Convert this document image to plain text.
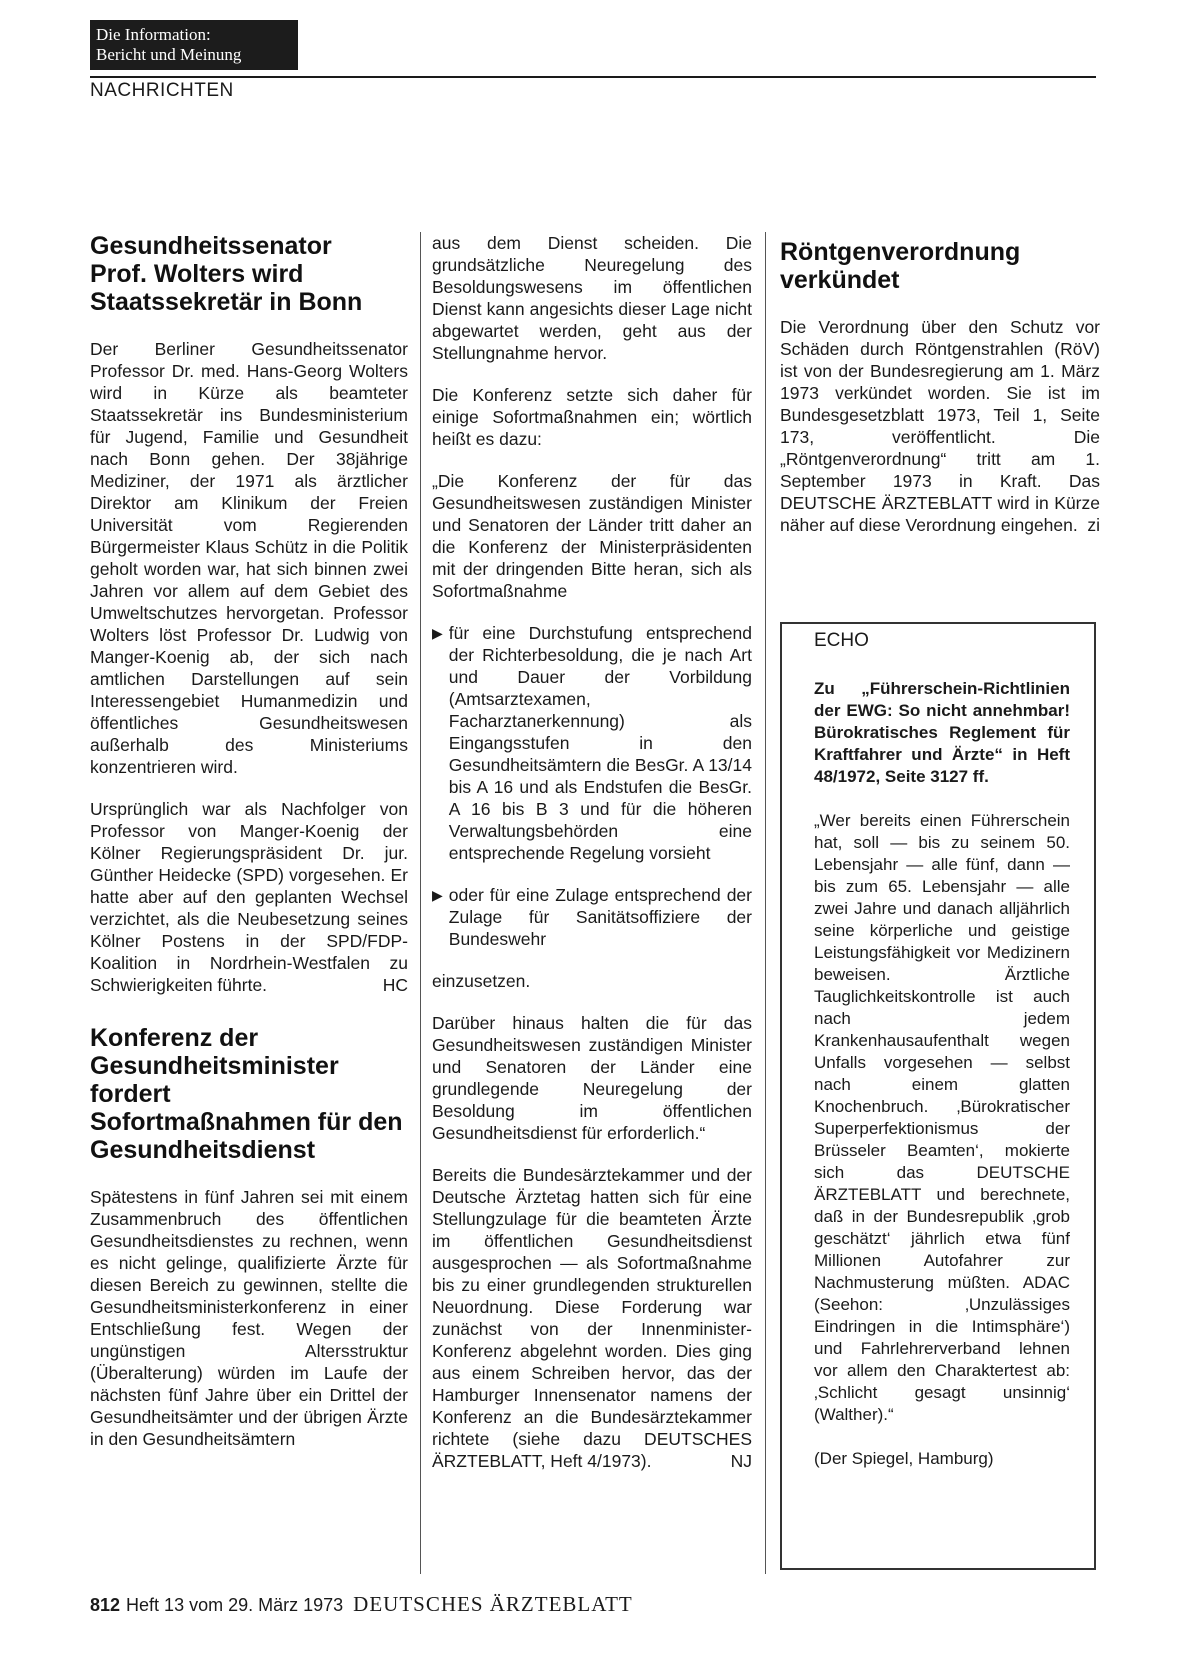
Die Information:
Bericht und Meinung
NACHRICHTEN
Gesundheitssenator
Prof. Wolters wird
Staatssekretär in Bonn

Der Berliner Gesundheitssenator Professor Dr. med. Hans-Georg Wolters wird in Kürze als beamteter Staatssekretär ins Bundesministerium für Jugend, Familie und Gesundheit nach Bonn gehen. Der 38jährige Mediziner, der 1971 als ärztlicher Direktor am Klinikum der Freien Universität vom Regierenden Bürgermeister Klaus Schütz in die Politik geholt worden war, hat sich binnen zwei Jahren vor allem auf dem Gebiet des Umweltschutzes hervorgetan. Professor Wolters löst Professor Dr. Ludwig von Manger-Koenig ab, der sich nach amtlichen Darstellungen auf sein Interessengebiet Humanmedizin und öffentliches Gesundheitswesen außerhalb des Ministeriums konzentrieren wird.

Ursprünglich war als Nachfolger von Professor von Manger-Koenig der Kölner Regierungspräsident Dr. jur. Günther Heidecke (SPD) vorgesehen. Er hatte aber auf den geplanten Wechsel verzichtet, als die Neubesetzung seines Kölner Postens in der SPD/FDP-Koalition in Nordrhein-Westfalen zu Schwierigkeiten führte.	HC

Konferenz der
Gesundheitsminister
fordert
Sofortmaßnahmen für den
Gesundheitsdienst

Spätestens in fünf Jahren sei mit einem Zusammenbruch des öffentlichen Gesundheitsdienstes zu rechnen, wenn es nicht gelinge, qualifizierte Ärzte für diesen Bereich zu gewinnen, stellte die Gesundheitsministerkonferenz in einer Entschließung fest. Wegen der ungünstigen Altersstruktur (Überalterung) würden im Laufe der nächsten fünf Jahre über ein Drittel der Gesundheitsämter und der übrigen Ärzte in den Gesundheitsämtern

aus dem Dienst scheiden. Die grundsätzliche Neuregelung des Besoldungswesens im öffentlichen Dienst kann angesichts dieser Lage nicht abgewartet werden, geht aus der Stellungnahme hervor.

Die Konferenz setzte sich daher für einige Sofortmaßnahmen ein; wörtlich heißt es dazu:

„Die Konferenz der für das Gesundheitswesen zuständigen Minister und Senatoren der Länder tritt daher an die Konferenz der Ministerpräsidenten mit der dringenden Bitte heran, sich als Sofortmaßnahme

▶ für eine Durchstufung entsprechend der Richterbesoldung, die je nach Art und Dauer der Vorbildung (Amtsarztexamen, Facharztanerkennung) als Eingangsstufen in den Gesundheitsämtern die BesGr. A 13/14 bis A 16 und als Endstufen die BesGr. A 16 bis B 3 und für die höheren Verwaltungsbehörden eine entsprechende Regelung vorsieht
▶ oder für eine Zulage entsprechend der Zulage für Sanitätsoffiziere der Bundeswehr

einzusetzen.

Darüber hinaus halten die für das Gesundheitswesen zuständigen Minister und Senatoren der Länder eine grundlegende Neuregelung der Besoldung im öffentlichen Gesundheitsdienst für erforderlich.“

Bereits die Bundesärztekammer und der Deutsche Ärztetag hatten sich für eine Stellungzulage für die beamteten Ärzte im öffentlichen Gesundheitsdienst ausgesprochen — als Sofortmaßnahme bis zu einer grundlegenden strukturellen Neuordnung. Diese Forderung war zunächst von der Innenminister-Konferenz abgelehnt worden. Dies ging aus einem Schreiben hervor, das der Hamburger Innensenator namens der Konferenz an die Bundesärztekammer richtete (siehe dazu DEUTSCHES ÄRZTEBLATT, Heft 4/1973).	NJ

Röntgenverordnung
verkündet

Die Verordnung über den Schutz vor Schäden durch Röntgenstrahlen (RöV) ist von der Bundesregierung am 1. März 1973 verkündet worden. Sie ist im Bundesgesetzblatt 1973, Teil 1, Seite 173, veröffentlicht. Die „Röntgenverordnung“ tritt am 1. September 1973 in Kraft. Das DEUTSCHE ÄRZTEBLATT wird in Kürze näher auf diese Verordnung eingehen. zi

ECHO
Zu „Führerschein-Richtlinien der EWG: So nicht annehmbar! Bürokratisches Reglement für Kraftfahrer und Ärzte“ in Heft 48/1972, Seite 3127 ff.
„Wer bereits einen Führerschein hat, soll — bis zu seinem 50. Lebensjahr — alle fünf, dann — bis zum 65. Lebensjahr — alle zwei Jahre und danach alljährlich seine körperliche und geistige Leistungsfähigkeit vor Medizinern beweisen. Ärztliche Tauglichkeitskontrolle ist auch nach jedem Krankenhausaufenthalt wegen Unfalls vorgesehen — selbst nach einem glatten Knochenbruch. ‚Bürokratischer Superperfektionismus der Brüsseler Beamten‘, mokierte sich das DEUTSCHE ÄRZTEBLATT und berechnete, daß in der Bundesrepublik ‚grob geschätzt‘ jährlich etwa fünf Millionen Autofahrer zur Nachmusterung müßten. ADAC (Seehon: ‚Unzulässiges Eindringen in die Intimsphäre‘) und Fahrlehrerverband lehnen vor allem den Charaktertest ab: ‚Schlicht gesagt unsinnig‘ (Walther).“
(Der Spiegel, Hamburg)
812 Heft 13 vom 29. März 1973 DEUTSCHES ÄRZTEBLATT
